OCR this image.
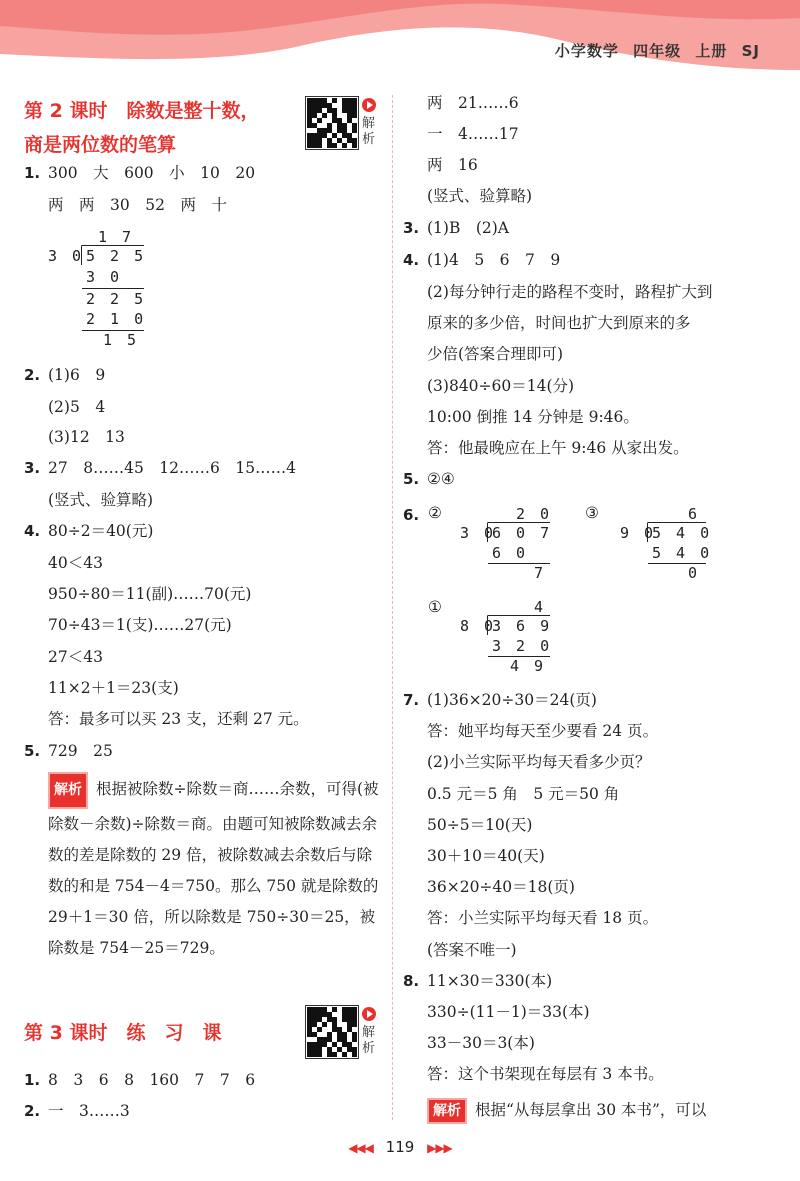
小学数学 四年级 上册 SJ
第 2 课时　除数是整十数，
商是两位数的笔算
解析
1. 300　大　600　小　10　20
两　两　30　52　两　十
1 7
3 0 5 2 5
3 0
2 2 5
2 1 0
1 5
2. (1)6　9
(2)5　4
(3)12　13
3. 27　8……45　12……6　15……4
(竖式、验算略)
4. 80÷2＝40(元)
40＜43
950÷80＝11(副)……70(元)
70÷43＝1(支)……27(元)
27＜43
11×2＋1＝23(支)
答：最多可以买 23 支，还剩 27 元。
5. 729　25
解析 根据被除数÷除数＝商……余数，可得(被除数－余数)÷除数＝商。由题可知被除数减去余数的差是除数的 29 倍，被除数减去余数后与除数的和是 754－4＝750。那么 750 就是除数的 29＋1＝30 倍，所以除数是 750÷30＝25，被除数是 754－25＝729。
第 3 课时　练　习　课	解析
1. 8　3　6　8　160　7　7　6
2. 一　3……3
两　21……6
一　4……17
两　16
(竖式、验算略)
3. (1)B　(2)A
4. (1)4　5　6　7　9
(2)每分钟行走的路程不变时，路程扩大到
原来的多少倍，时间也扩大到原来的多
少倍(答案合理即可)
(3)840÷60＝14(分)
10:00 倒推 14 分钟是 9:46。
答：他最晚应在上午 9:46 从家出发。
5. ②④
6. ②	③
①
2 0
3 0
6 0 7
6 0
7
6
9 0
5 4 0
5 4 0
0
4
8 0
3 6 9
3 2 0
4 9
7. (1)36×20÷30＝24(页)
答：她平均每天至少要看 24 页。
(2)小兰实际平均每天看多少页？
0.5 元＝5 角　5 元＝50 角
50÷5＝10(天)
30＋10＝40(天)
36×20÷40＝18(页)
答：小兰实际平均每天看 18 页。
(答案不唯一)
8. 11×30＝330(本)
330÷(11－1)＝33(本)
33－30＝3(本)
答：这个书架现在每层有 3 本书。
解析 根据“从每层拿出 30 本书”，可以
◀◀◀ 119 ▶▶▶
